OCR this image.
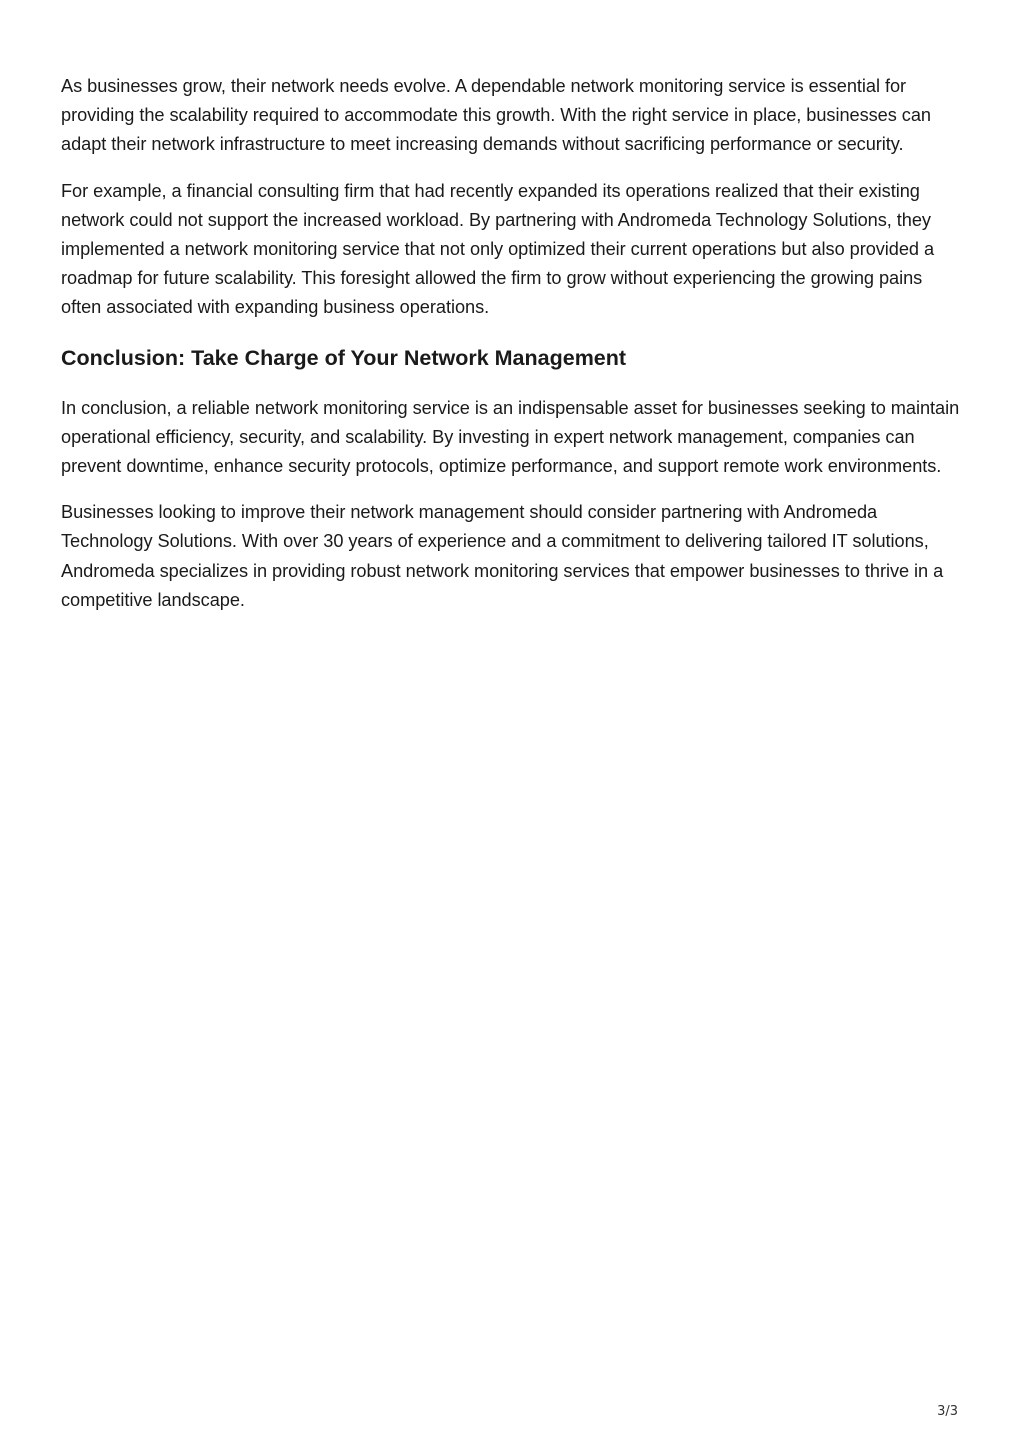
As businesses grow, their network needs evolve. A dependable network monitoring service is essential for providing the scalability required to accommodate this growth. With the right service in place, businesses can adapt their network infrastructure to meet increasing demands without sacrificing performance or security.

For example, a financial consulting firm that had recently expanded its operations realized that their existing network could not support the increased workload. By partnering with Andromeda Technology Solutions, they implemented a network monitoring service that not only optimized their current operations but also provided a roadmap for future scalability. This foresight allowed the firm to grow without experiencing the growing pains often associated with expanding business operations.

Conclusion: Take Charge of Your Network Management

In conclusion, a reliable network monitoring service is an indispensable asset for businesses seeking to maintain operational efficiency, security, and scalability. By investing in expert network management, companies can prevent downtime, enhance security protocols, optimize performance, and support remote work environments.

Businesses looking to improve their network management should consider partnering with Andromeda Technology Solutions. With over 30 years of experience and a commitment to delivering tailored IT solutions, Andromeda specializes in providing robust network monitoring services that empower businesses to thrive in a competitive landscape.

3/3
